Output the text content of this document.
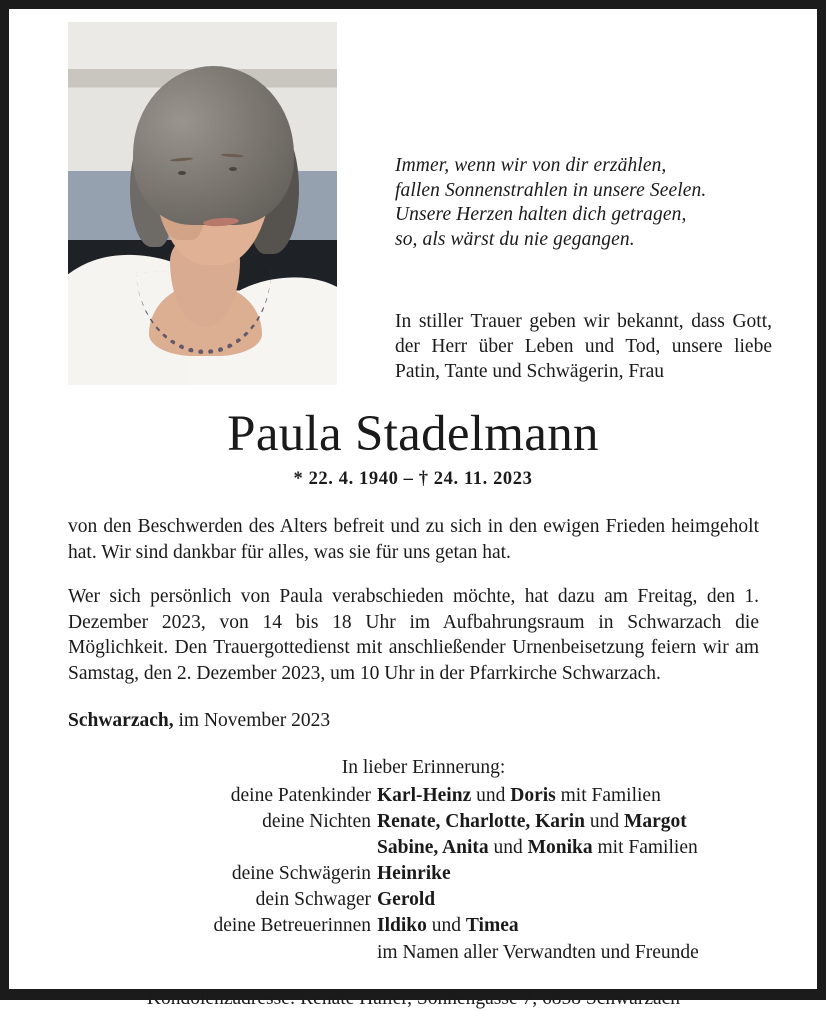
Immer, wenn wir von dir erzählen,
fallen Sonnenstrahlen in unsere Seelen.
Unsere Herzen halten dich getragen,
so, als wärst du nie gegangen.
In stiller Trauer geben wir bekannt, dass Gott, der Herr über Leben und Tod, unsere liebe Patin, Tante und Schwägerin, Frau
Paula Stadelmann
* 22. 4. 1940 – † 24. 11. 2023
von den Beschwerden des Alters befreit und zu sich in den ewigen Frieden heimgeholt hat. Wir sind dankbar für alles, was sie für uns getan hat.
Wer sich persönlich von Paula verabschieden möchte, hat dazu am Freitag, den 1. Dezember 2023, von 14 bis 18 Uhr im Aufbahrungsraum in Schwarzach die Möglichkeit. Den Trauergottedienst mit anschließender Urnenbeisetzung feiern wir am Samstag, den 2. Dezember 2023, um 10 Uhr in der Pfarrkirche Schwarzach.
Schwarzach, im November 2023
In lieber Erinnerung:
deine Patenkinder	Karl-Heinz und Doris mit Familien
deine Nichten	Renate, Charlotte, Karin und Margot
	Sabine, Anita und Monika mit Familien
deine Schwägerin	Heinrike
dein Schwager	Gerold
deine Betreuerinnen	Ildiko und Timea
im Namen aller Verwandten und Freunde
Kondolenzadresse: Renate Haller, Sonnengasse 7, 6858 Schwarzach
